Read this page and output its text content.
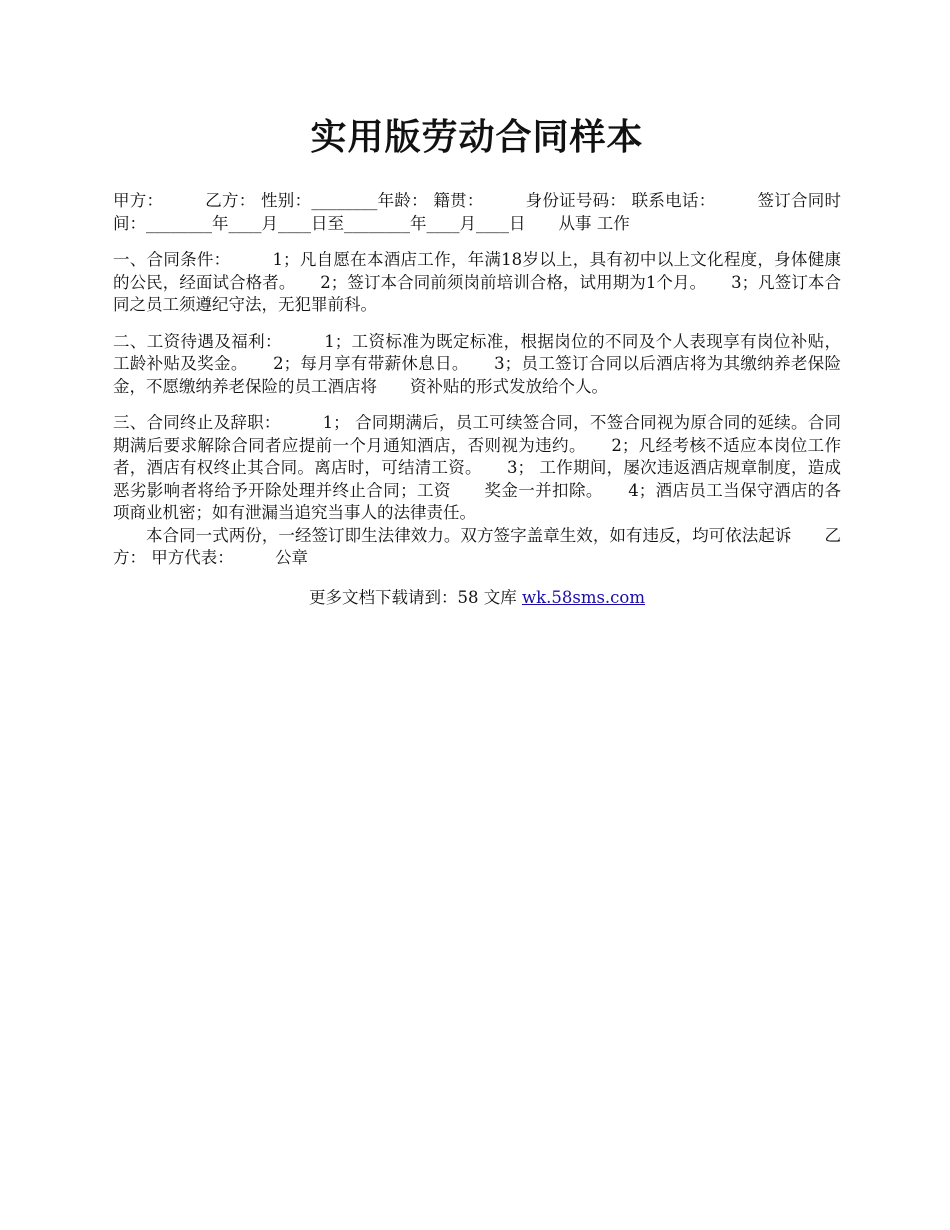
实用版劳动合同样本

甲方：　　　乙方： 性别：________年龄： 籍贯：　　　身份证号码： 联系电话：　　　签订合同时间：________年____月____日至________年____月____日　　从事 工作

一、合同条件：　　　1；凡自愿在本酒店工作，年满18岁以上，具有初中以上文化程度，身体健康的公民，经面试合格者。　　2；签订本合同前须岗前培训合格，试用期为1个月。　　3；凡签订本合同之员工须遵纪守法，无犯罪前科。

二、工资待遇及福利：　　　1；工资标准为既定标准，根据岗位的不同及个人表现享有岗位补贴，工龄补贴及奖金。　　2；每月享有带薪休息日。　　3；员工签订合同以后酒店将为其缴纳养老保险金，不愿缴纳养老保险的员工酒店将　　资补贴的形式发放给个人。

三、合同终止及辞职：　　　1； 合同期满后，员工可续签合同，不签合同视为原合同的延续。合同期满后要求解除合同者应提前一个月通知酒店，否则视为违约。　　2；凡经考核不适应本岗位工作者，酒店有权终止其合同。离店时，可结清工资。　　3； 工作期间，屡次违返酒店规章制度，造成恶劣影响者将给予开除处理并终止合同；工资　　奖金一并扣除。　　4；酒店员工当保守酒店的各项商业机密；如有泄漏当追究当事人的法律责任。

本合同一式两份，一经签订即生法律效力。双方签字盖章生效，如有违反，均可依法起诉　　乙方： 甲方代表：　　　公章

更多文档下载请到：58 文库 wk.58sms.com
